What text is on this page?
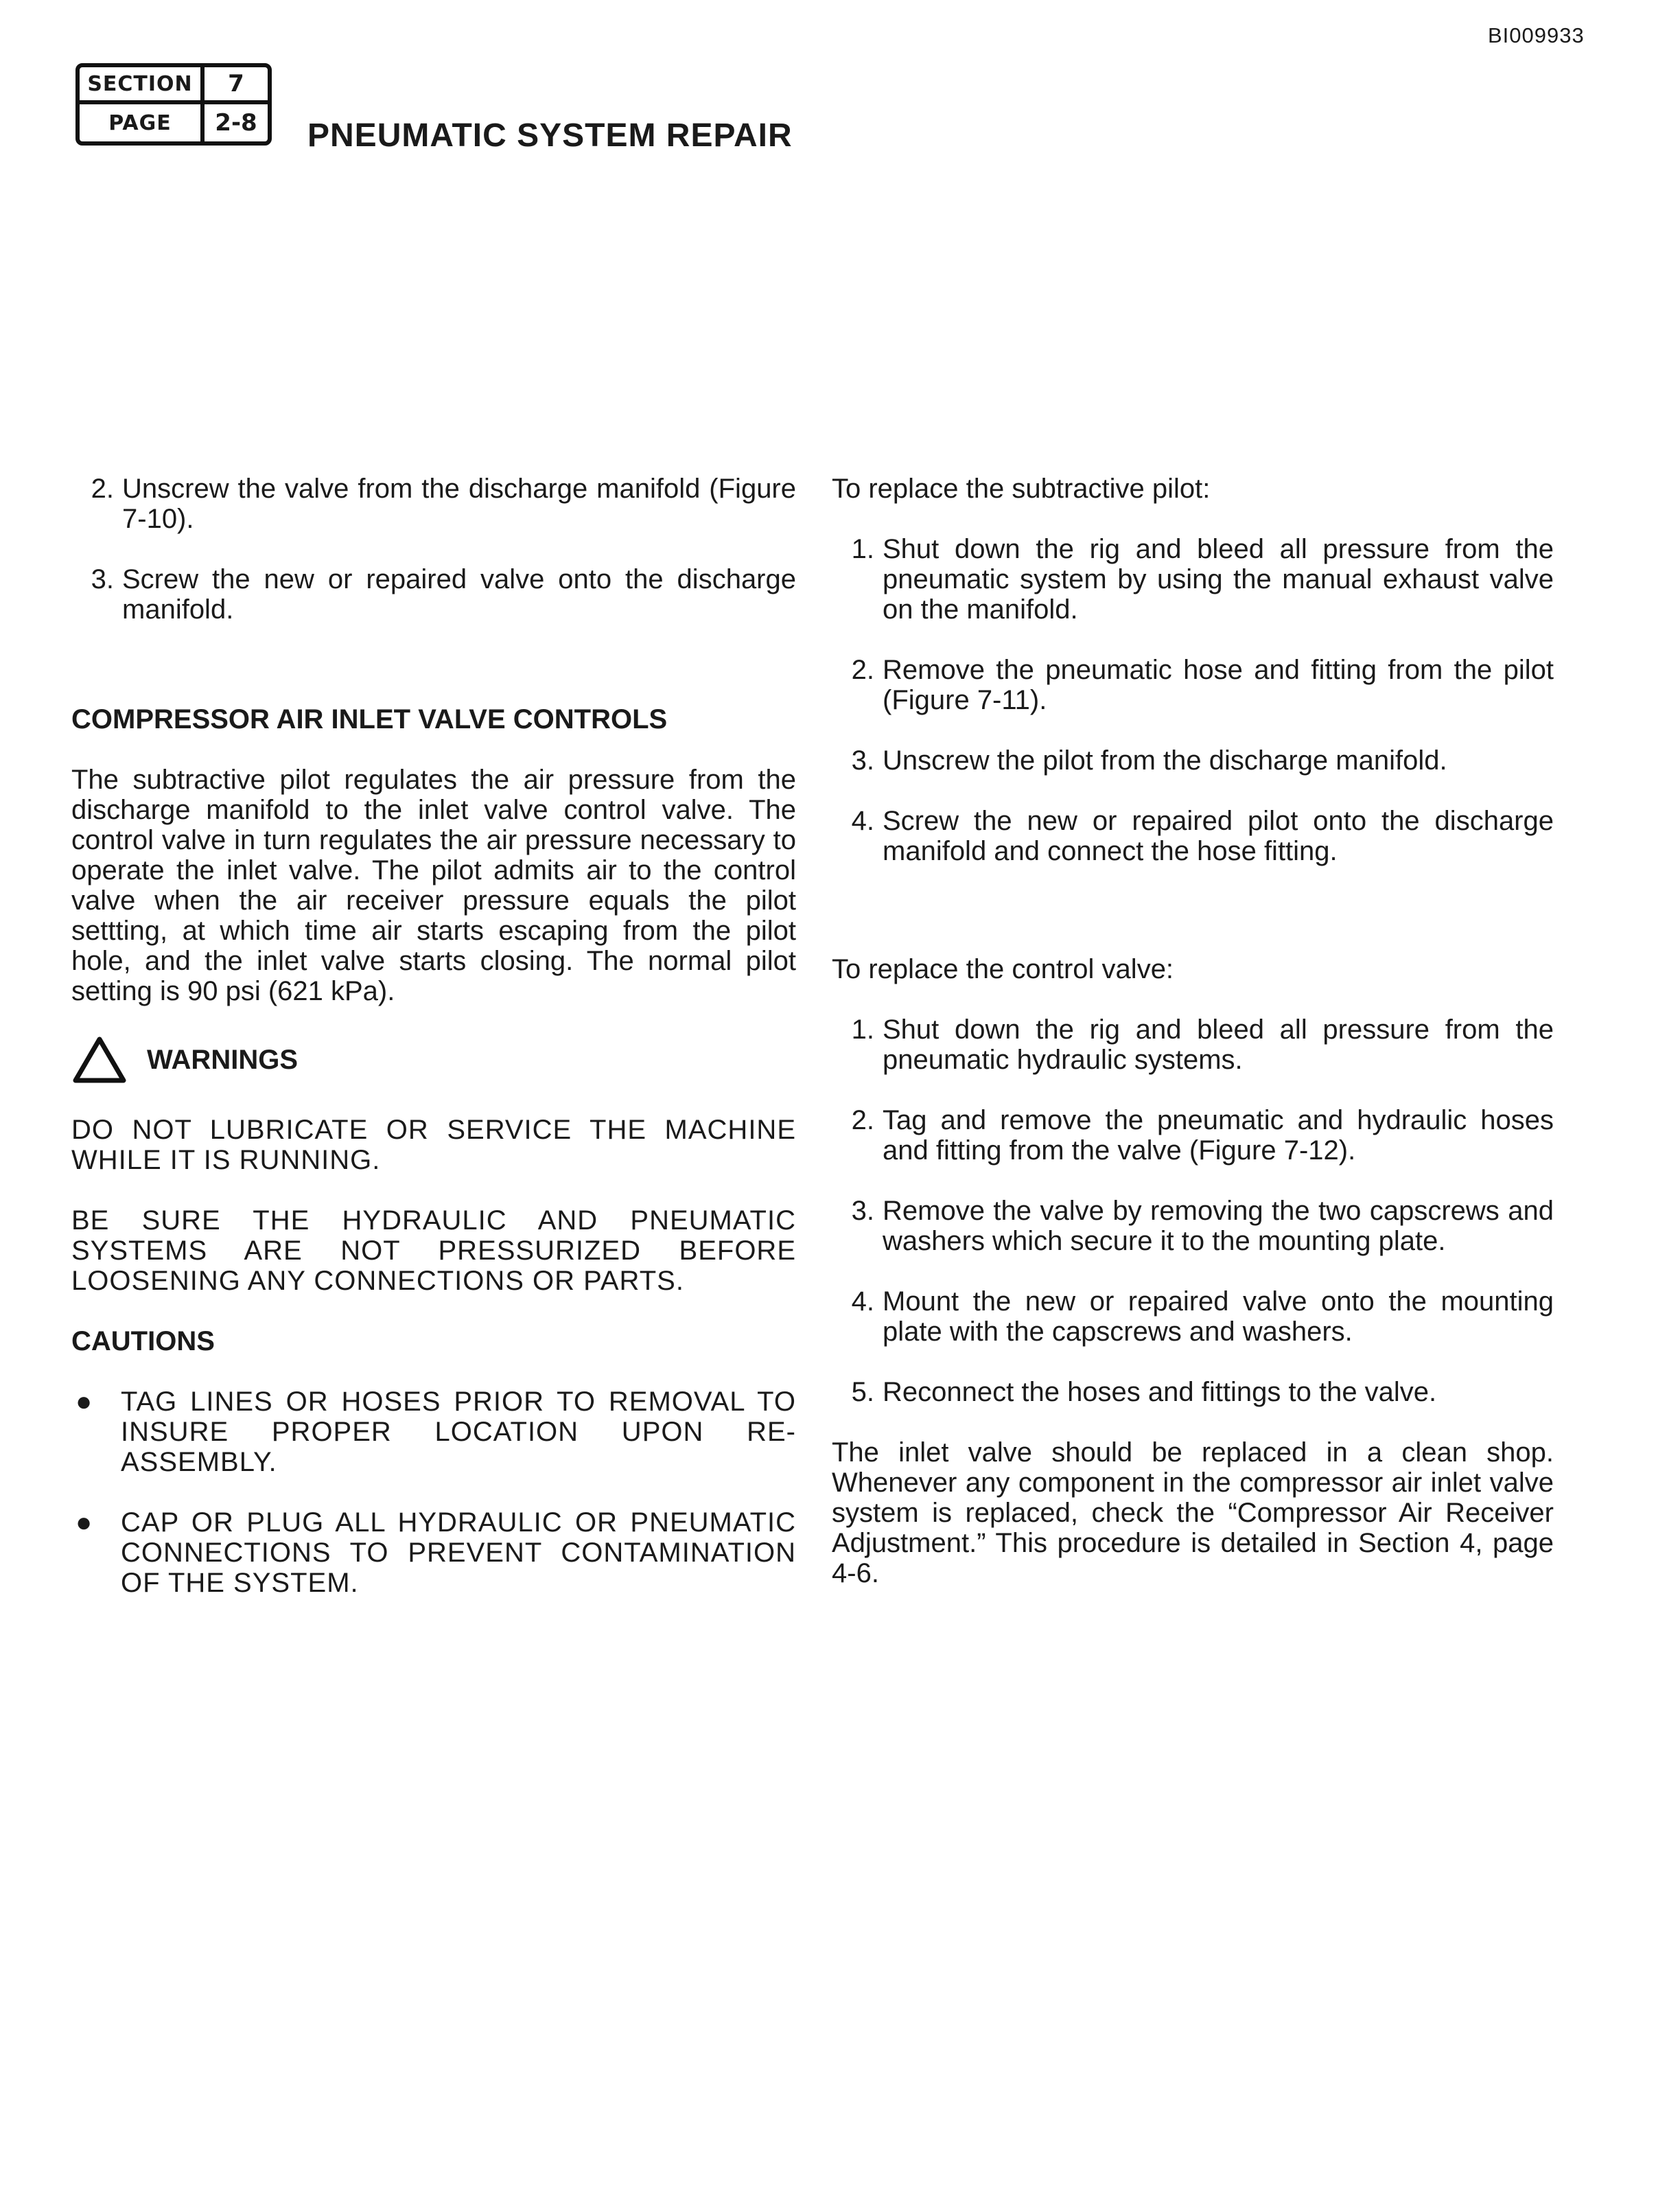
BI009933
SECTION	7
PAGE	2-8	PNEUMATIC SYSTEM REPAIR
2. Unscrew the valve from the discharge manifold (Figure 7-10).
3. Screw the new or repaired valve onto the discharge manifold.

COMPRESSOR AIR INLET VALVE CONTROLS

The subtractive pilot regulates the air pressure from the discharge manifold to the inlet valve control valve. The control valve in turn regulates the air pressure necessary to operate the inlet valve. The pilot admits air to the control valve when the air receiver pressure equals the pilot settting, at which time air starts escaping from the pilot hole, and the inlet valve starts closing. The normal pilot setting is 90 psi (621 kPa).

WARNINGS

DO NOT LUBRICATE OR SERVICE THE MACHINE WHILE IT IS RUNNING.

BE SURE THE HYDRAULIC AND PNEUMATIC SYSTEMS ARE NOT PRESSURIZED BEFORE LOOSENING ANY CONNECTIONS OR PARTS.

CAUTIONS

●	TAG LINES OR HOSES PRIOR TO REMOVAL TO INSURE PROPER LOCATION UPON RE-ASSEMBLY.
●	CAP OR PLUG ALL HYDRAULIC OR PNEUMATIC CONNECTIONS TO PREVENT CONTAMINATION OF THE SYSTEM.

To replace the subtractive pilot:

1. Shut down the rig and bleed all pressure from the pneumatic system by using the manual exhaust valve on the manifold.
2. Remove the pneumatic hose and fitting from the pilot (Figure 7-11).
3. Unscrew the pilot from the discharge manifold.
4. Screw the new or repaired pilot onto the discharge manifold and connect the hose fitting.

To replace the control valve:

1. Shut down the rig and bleed all pressure from the pneumatic hydraulic systems.
2. Tag and remove the pneumatic and hydraulic hoses and fitting from the valve (Figure 7-12).
3. Remove the valve by removing the two capscrews and washers which secure it to the mounting plate.
4. Mount the new or repaired valve onto the mounting plate with the capscrews and washers.
5. Reconnect the hoses and fittings to the valve.

The inlet valve should be replaced in a clean shop. Whenever any component in the compressor air inlet valve system is replaced, check the “Compressor Air Receiver Adjustment.” This procedure is detailed in Section 4, page 4-6.
